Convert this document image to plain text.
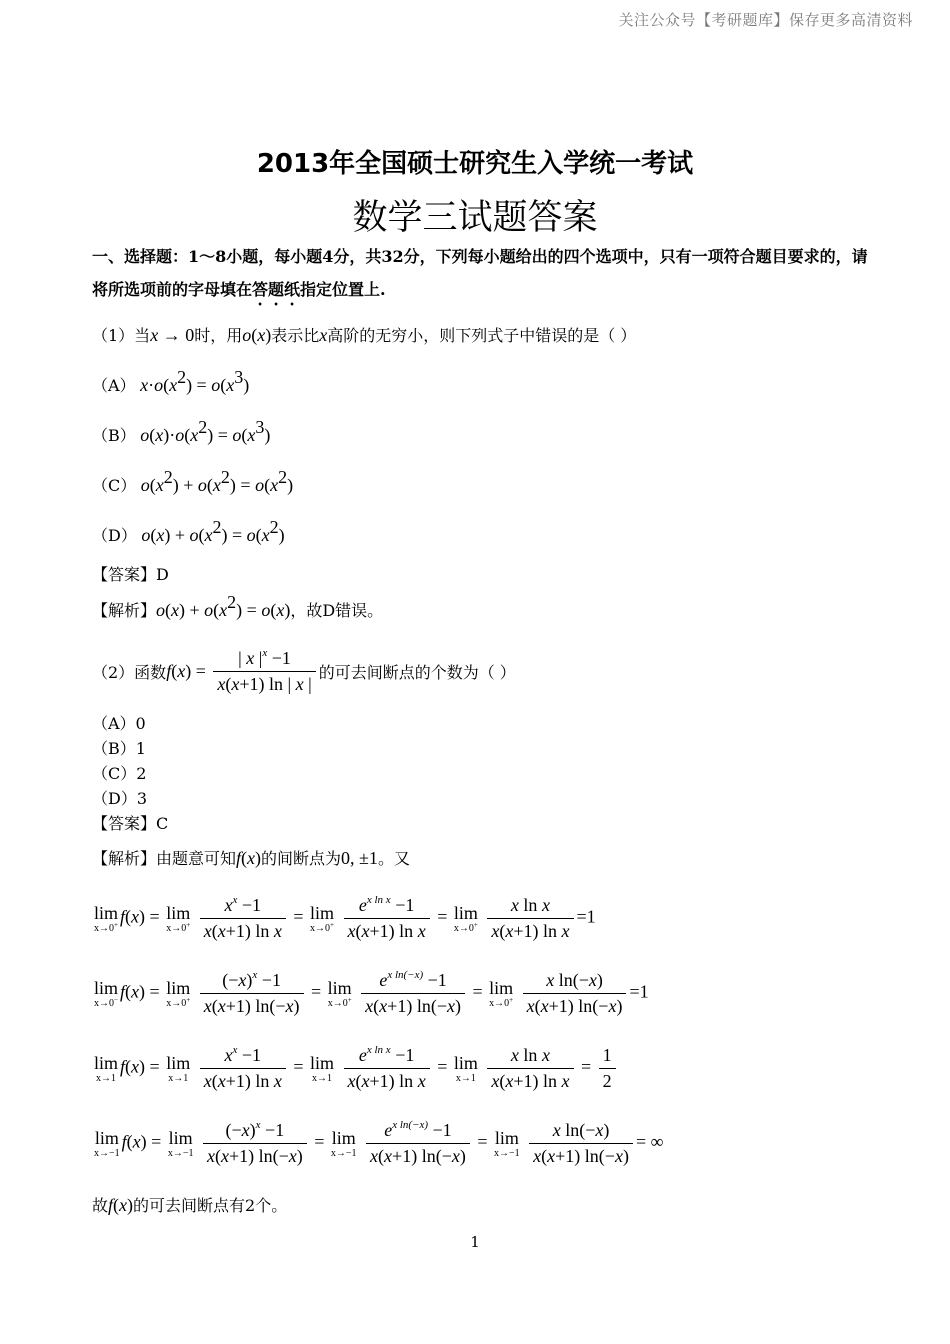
关注公众号【考研题库】保存更多高清资料
2013年全国硕士研究生入学统一考试
数学三试题答案
一、选择题：1～8小题，每小题4分，共32分，下列每小题给出的四个选项中，只有一项符合题目要求的，请将所选项前的字母填在答题纸指定位置上.
（1）当x → 0时，用o(x)表示比x高阶的无穷小，则下列式子中错误的是（ ）
（A） $x\cdot o(x^2) = o(x^3)$
（B） $o(x)\cdot o(x^2) = o(x^3)$
（C） $o(x^2) + o(x^2) = o(x^2)$
（D） $o(x) + o(x^2) = o(x^2)$
【答案】D
【解析】$o(x) + o(x^2) = o(x)$，故D错误。
（2）函数$f(x) = \frac{| x |^x -1}{x(x+1) \ln | x |}$ 的可去间断点的个数为（ ）
（A）0
（B）1
（C）2
（D）3
【答案】C
【解析】由题意可知f(x)的间断点为0, ±1。又
lim
x→0+ f(x) = lim
x→0+
$\frac{x^x -1}{\text{x(x+1) ln x}} = \lim$
x→0+
$\frac{e^{x ln x} -1}{\text{x(x+1) ln x}} = \lim$
x→0+
$\frac{\text{x ln x}}{\text{x(x+1) ln x}} =1$
lim
x→0− f(x) = lim
x→0+
$\frac{(-x)^x -1}{x(x+1) \ln(-x)} = \lim$
x→0+
$\frac{e^{x ln(-x)} -1}{x(x+1) \ln(-x)} = \lim$
x→0+
$\frac{\text{x ln(−x)}}{x(x+1) \ln(-x)} =1$
lim
x→1
f(x) = lim
x→1
$\frac{x^x -1}{\text{x(x+1) ln x}} = \lim$
x→1
$\frac{e^{x ln x} -1}{\text{x(x+1) ln x}} = \lim$
x→1
$\frac{\text{x ln x}}{\text{x(x+1) ln x}} = \frac{1}{2}$
lim
x→−1
f(x) = lim
x→−1
$\frac{(-x)^x -1}{x(x+1) \ln(-x)} = \lim$
x→−1
$\frac{e^{x ln(-x)} -1}{x(x+1) \ln(-x)} = \lim$
x→−1
$\frac{\text{x ln(−x)}}{x(x+1) \ln(-x)}$ = ∞
故f(x)的可去间断点有2个。
1
